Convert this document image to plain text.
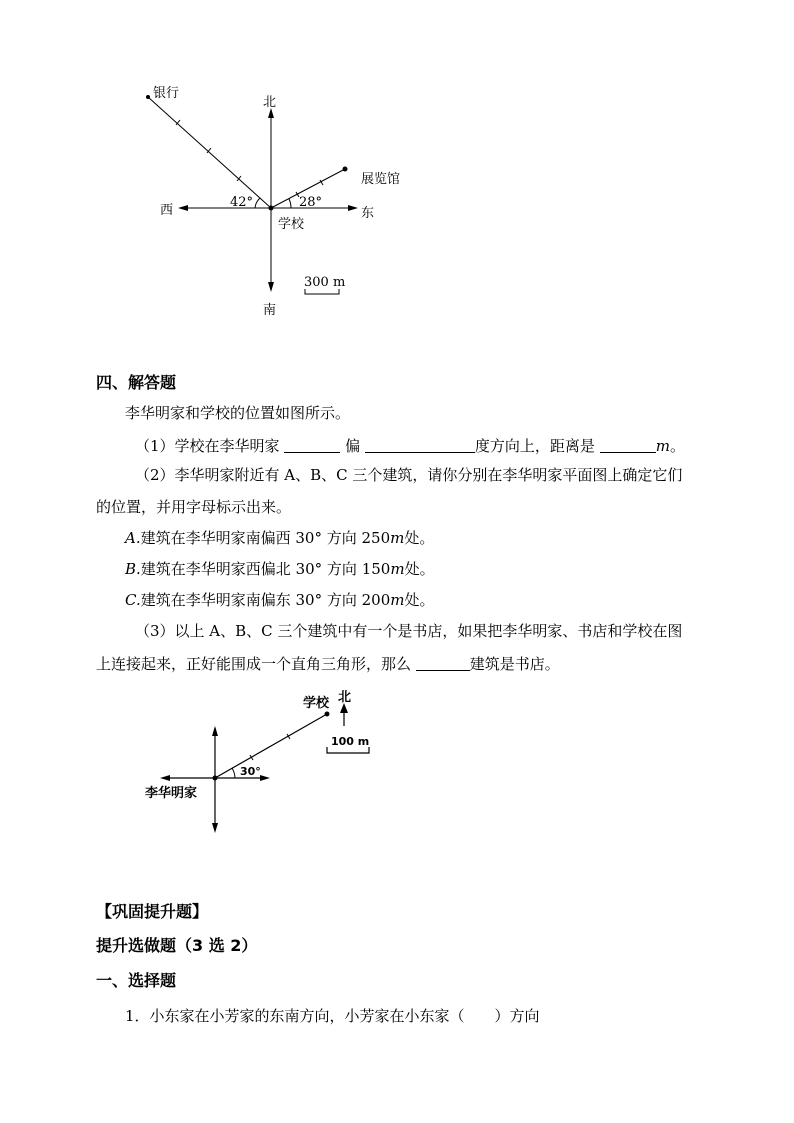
银行
北
南
东
西
展览馆
学校
42°	28°
300 m
四、解答题
李华明家和学校的位置如图所示。
（1）学校在李华明家	偏	度方向上，距离是	m。
（2）李华明家附近有 A、B、C 三个建筑，请你分别在李华明家平面图上确定它们
的位置，并用字母标示出来。
A.建筑在李华明家南偏西 30° 方向 250m处。
B.建筑在李华明家西偏北 30° 方向 150m处。
C.建筑在李华明家南偏东 30° 方向 200m处。
（3）以上 A、B、C 三个建筑中有一个是书店，如果把李华明家、书店和学校在图
上连接起来，正好能围成一个直角三角形，那么	建筑是书店。
学校 北
李华明家
30°
100 m
【巩固提升题】
提升选做题（3 选 2）
一、选择题
1．小东家在小芳家的东南方向，小芳家在小东家（　　）方向
